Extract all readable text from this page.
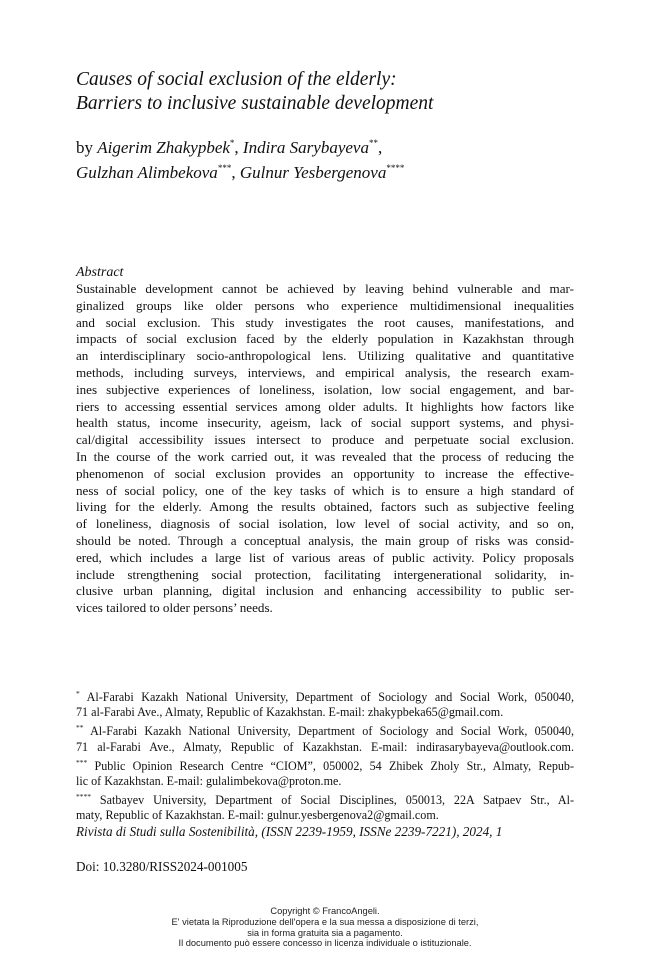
Causes of social exclusion of the elderly:
Barriers to inclusive sustainable development
by Aigerim Zhakypbek*, Indira Sarybayeva**,
Gulzhan Alimbekova***, Gulnur Yesbergenova****
Abstract
Sustainable development cannot be achieved by leaving behind vulnerable and mar-
ginalized groups like older persons who experience multidimensional inequalities
and social exclusion. This study investigates the root causes, manifestations, and
impacts of social exclusion faced by the elderly population in Kazakhstan through
an interdisciplinary socio-anthropological lens. Utilizing qualitative and quantitative
methods, including surveys, interviews, and empirical analysis, the research exam-
ines subjective experiences of loneliness, isolation, low social engagement, and bar-
riers to accessing essential services among older adults. It highlights how factors like
health status, income insecurity, ageism, lack of social support systems, and physi-
cal/digital accessibility issues intersect to produce and perpetuate social exclusion.
In the course of the work carried out, it was revealed that the process of reducing the
phenomenon of social exclusion provides an opportunity to increase the effective-
ness of social policy, one of the key tasks of which is to ensure a high standard of
living for the elderly. Among the results obtained, factors such as subjective feeling
of loneliness, diagnosis of social isolation, low level of social activity, and so on,
should be noted. Through a conceptual analysis, the main group of risks was consid-
ered, which includes a large list of various areas of public activity. Policy proposals
include strengthening social protection, facilitating intergenerational solidarity, in-
clusive urban planning, digital inclusion and enhancing accessibility to public ser-
vices tailored to older persons’ needs.
* Al-Farabi Kazakh National University, Department of Sociology and Social Work, 050040,
71 al-Farabi Ave., Almaty, Republic of Kazakhstan. E-mail: zhakypbeka65@gmail.com.
** Al-Farabi Kazakh National University, Department of Sociology and Social Work, 050040,
71 al-Farabi Ave., Almaty, Republic of Kazakhstan. E-mail: indirasarybayeva@outlook.com.
*** Public Opinion Research Centre “CIOM”, 050002, 54 Zhibek Zholy Str., Almaty, Repub-
lic of Kazakhstan. E-mail: gulalimbekova@proton.me.
**** Satbayev University, Department of Social Disciplines, 050013, 22A Satpaev Str., Al-
maty, Republic of Kazakhstan. E-mail: gulnur.yesbergenova2@gmail.com.
Rivista di Studi sulla Sostenibilità, (ISSN 2239-1959, ISSNe 2239-7221), 2024, 1
Doi: 10.3280/RISS2024-001005
Copyright © FrancoAngeli.
E' vietata la Riproduzione dell'opera e la sua messa a disposizione di terzi,
sia in forma gratuita sia a pagamento.
Il documento può essere concesso in licenza individuale o istituzionale.
